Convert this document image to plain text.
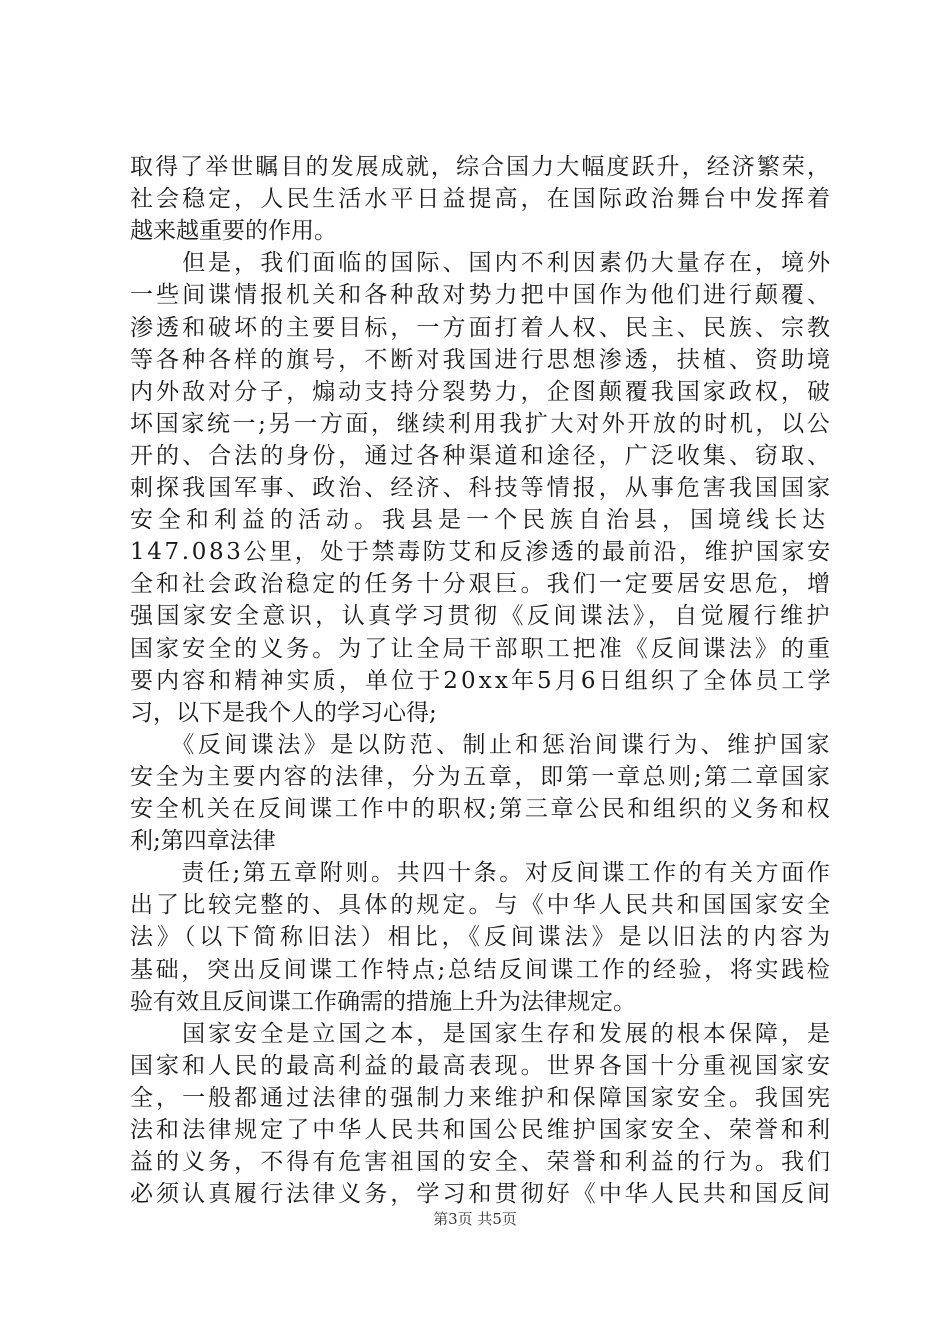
取得了举世瞩目的发展成就，综合国力大幅度跃升，经济繁荣，
社会稳定，人民生活水平日益提高，在国际政治舞台中发挥着
越来越重要的作用。
　　但是，我们面临的国际、国内不利因素仍大量存在，境外
一些间谍情报机关和各种敌对势力把中国作为他们进行颠覆、
渗透和破坏的主要目标，一方面打着人权、民主、民族、宗教
等各种各样的旗号，不断对我国进行思想渗透，扶植、资助境
内外敌对分子，煽动支持分裂势力，企图颠覆我国家政权，破
坏国家统一;另一方面，继续利用我扩大对外开放的时机，以公
开的、合法的身份，通过各种渠道和途径，广泛收集、窃取、
刺探我国军事、政治、经济、科技等情报，从事危害我国国家
安全和利益的活动。我县是一个民族自治县，国境线长达
147.083公里，处于禁毒防艾和反渗透的最前沿，维护国家安
全和社会政治稳定的任务十分艰巨。我们一定要居安思危，增
强国家安全意识，认真学习贯彻《反间谍法》，自觉履行维护
国家安全的义务。为了让全局干部职工把准《反间谍法》的重
要内容和精神实质，单位于20xx年5月6日组织了全体员工学
习，以下是我个人的学习心得;
　　《反间谍法》是以防范、制止和惩治间谍行为、维护国家
安全为主要内容的法律，分为五章，即第一章总则;第二章国家
安全机关在反间谍工作中的职权;第三章公民和组织的义务和权
利;第四章法律
　　责任;第五章附则。共四十条。对反间谍工作的有关方面作
出了比较完整的、具体的规定。与《中华人民共和国国家安全
法》（以下简称旧法）相比，《反间谍法》是以旧法的内容为
基础，突出反间谍工作特点;总结反间谍工作的经验，将实践检
验有效且反间谍工作确需的措施上升为法律规定。
　　国家安全是立国之本，是国家生存和发展的根本保障，是
国家和人民的最高利益的最高表现。世界各国十分重视国家安
全，一般都通过法律的强制力来维护和保障国家安全。我国宪
法和法律规定了中华人民共和国公民维护国家安全、荣誉和利
益的义务，不得有危害祖国的安全、荣誉和利益的行为。我们
必须认真履行法律义务，学习和贯彻好《中华人民共和国反间
第3页 共5页
